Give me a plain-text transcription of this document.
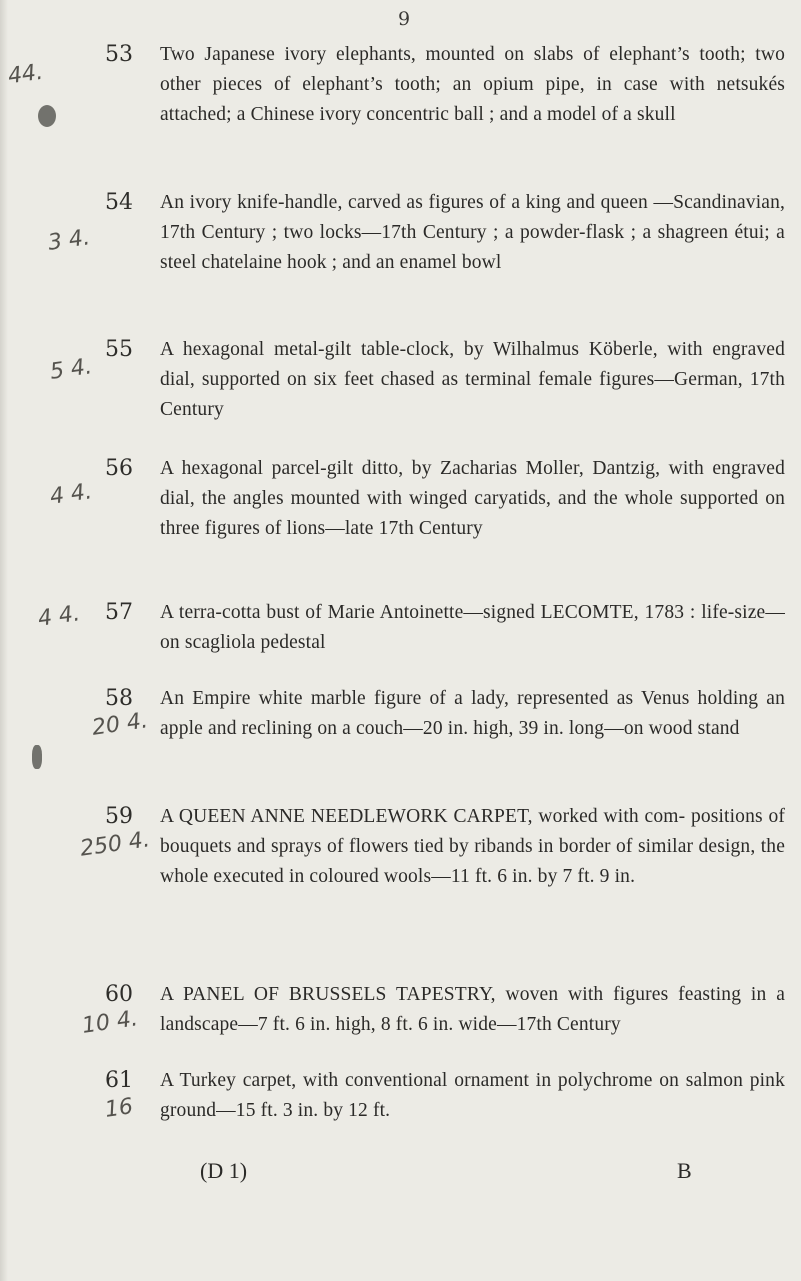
9
53
44.
Two Japanese ivory elephants, mounted on slabs of elephant’s tooth; two other pieces of elephant’s tooth; an opium pipe, in case with netsukés attached; a Chinese ivory concentric ball ; and a model of a skull
54
3 4.
An ivory knife-handle, carved as figures of a king and queen —Scandinavian, 17th Century ; two locks—17th Century ; a powder-flask ; a shagreen étui; a steel chatelaine hook ; and an enamel bowl
55
5 4.
A hexagonal metal-gilt table-clock, by Wilhalmus Köberle, with engraved dial, supported on six feet chased as terminal female figures—German, 17th Century
56
4 4.
A hexagonal parcel-gilt ditto, by Zacharias Moller, Dantzig, with engraved dial, the angles mounted with winged caryatids, and the whole supported on three figures of lions—late 17th Century
57
4 4.	A terra-cotta bust of Marie Antoinette—signed LECOMTE, 1783 : life-size—on scagliola pedestal
58
20 4.
An Empire white marble figure of a lady, represented as Venus holding an apple and reclining on a couch—20 in. high, 39 in. long—on wood stand
59
250 4.
A QUEEN ANNE NEEDLEWORK CARPET, worked with com- positions of bouquets and sprays of flowers tied by ribands in border of similar design, the whole executed in coloured wools—11 ft. 6 in. by 7 ft. 9 in.
60
10 4.
A PANEL OF BRUSSELS TAPESTRY, woven with figures feasting in a landscape—7 ft. 6 in. high, 8 ft. 6 in. wide—17th Century
61
16
A Turkey carpet, with conventional ornament in polychrome on salmon pink ground—15 ft. 3 in. by 12 ft.
(D 1)	B
